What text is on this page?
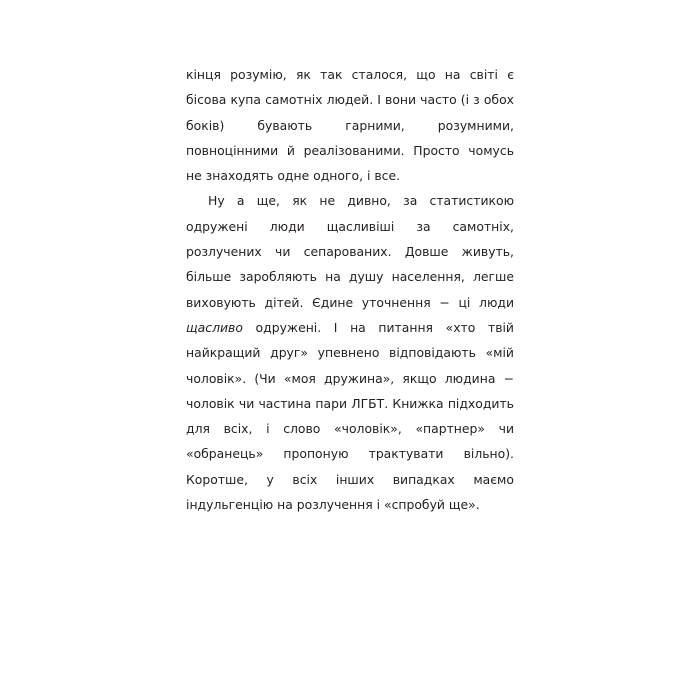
кінця розумію, як так сталося, що на світі є бісова купа самотніх людей. І вони часто (і з обох боків) бувають гарними, розумними, повноцінними й реалізованими. Просто чомусь не знаходять одне одного, і все.

Ну а ще, як не дивно, за статистикою одружені люди щасливіші за самотніх, розлучених чи сепарованих. Довше живуть, більше заробляють на душу населення, легше виховують дітей. Єдине уточнення − ці люди щасливо одружені. І на питання «хто твій найкращий друг» упевнено відповідають «мій чоловік». (Чи «моя дружина», якщо людина − чоловік чи частина пари ЛГБТ. Книжка підходить для всіх, і слово «чоловік», «партнер» чи «обранець» пропоную трактувати вільно). Коротше, у всіх інших випадках маємо індульгенцію на розлучення і «спробуй ще».
